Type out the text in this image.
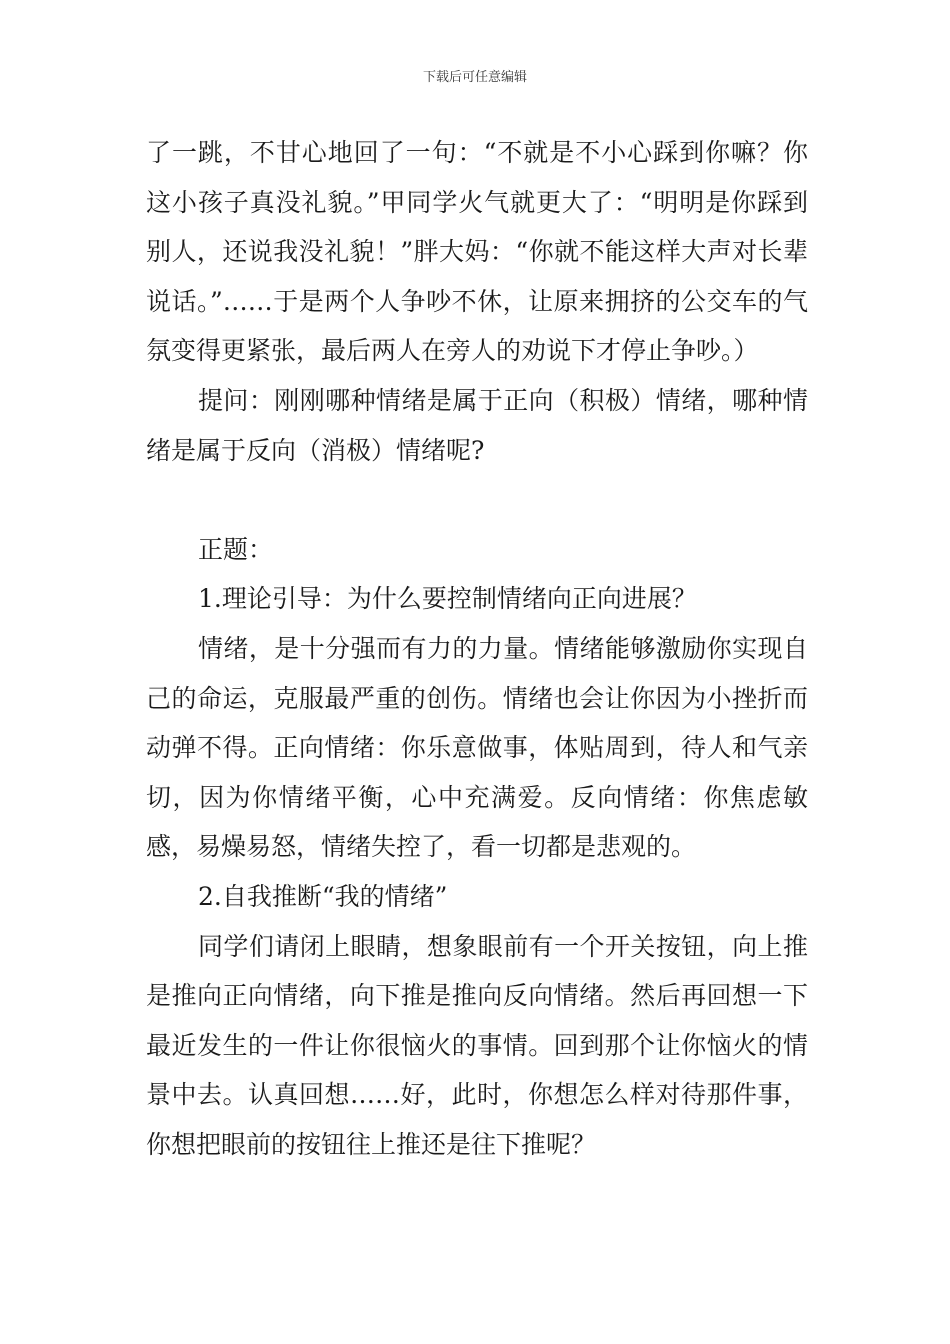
下载后可任意编辑

了一跳，不甘心地回了一句：“不就是不小心踩到你嘛？你这小孩子真没礼貌。”甲同学火气就更大了：“明明是你踩到别人，还说我没礼貌！”胖大妈：“你就不能这样大声对长辈说话。”……于是两个人争吵不休，让原来拥挤的公交车的气氛变得更紧张，最后两人在旁人的劝说下才停止争吵。）

提问：刚刚哪种情绪是属于正向（积极）情绪，哪种情绪是属于反向（消极）情绪呢?

正题：

1.理论引导：为什么要控制情绪向正向进展？

情绪，是十分强而有力的力量。情绪能够激励你实现自己的命运，克服最严重的创伤。情绪也会让你因为小挫折而动弹不得。正向情绪：你乐意做事，体贴周到，待人和气亲切，因为你情绪平衡，心中充满爱。反向情绪：你焦虑敏感，易燥易怒，情绪失控了，看一切都是悲观的。

2.自我推断“我的情绪”

同学们请闭上眼睛，想象眼前有一个开关按钮，向上推是推向正向情绪，向下推是推向反向情绪。然后再回想一下最近发生的一件让你很恼火的事情。回到那个让你恼火的情景中去。认真回想……好，此时，你想怎么样对待那件事，你想把眼前的按钮往上推还是往下推呢？
